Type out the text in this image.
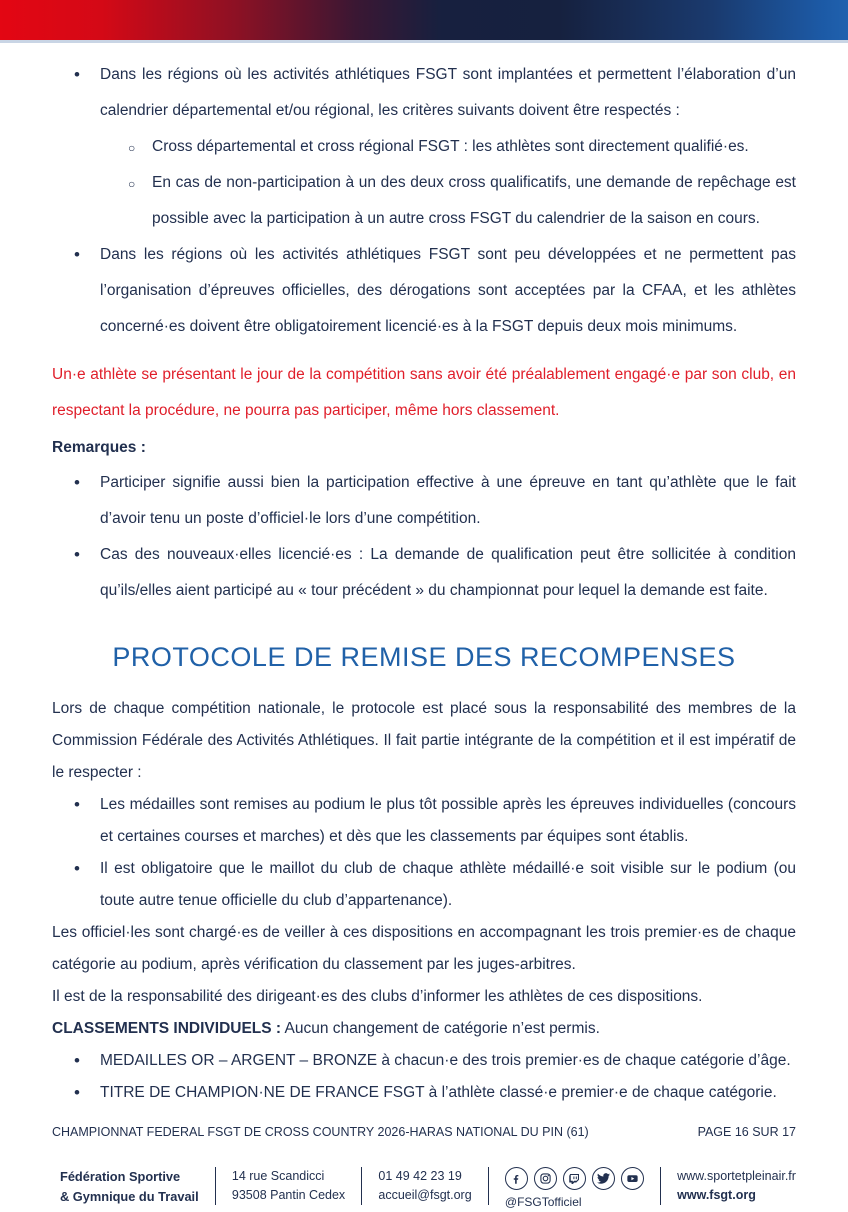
• Dans les régions où les activités athlétiques FSGT sont implantées et permettent l’élaboration d’un calendrier départemental et/ou régional, les critères suivants doivent être respectés :
○ Cross départemental et cross régional FSGT : les athlètes sont directement qualifié·es.
○ En cas de non-participation à un des deux cross qualificatifs, une demande de repêchage est possible avec la participation à un autre cross FSGT du calendrier de la saison en cours.
• Dans les régions où les activités athlétiques FSGT sont peu développées et ne permettent pas l’organisation d’épreuves officielles, des dérogations sont acceptées par la CFAA, et les athlètes concerné·es doivent être obligatoirement licencié·es à la FSGT depuis deux mois minimums.

Un·e athlète se présentant le jour de la compétition sans avoir été préalablement engagé·e par son club, en respectant la procédure, ne pourra pas participer, même hors classement.

Remarques :

• Participer signifie aussi bien la participation effective à une épreuve en tant qu’athlète que le fait d’avoir tenu un poste d’officiel·le lors d’une compétition.
• Cas des nouveaux·elles licencié·es : La demande de qualification peut être sollicitée à condition qu’ils/elles aient participé au « tour précédent » du championnat pour lequel la demande est faite.
PROTOCOLE DE REMISE DES RECOMPENSES

Lors de chaque compétition nationale, le protocole est placé sous la responsabilité des membres de la Commission Fédérale des Activités Athlétiques. Il fait partie intégrante de la compétition et il est impératif de le respecter :

• Les médailles sont remises au podium le plus tôt possible après les épreuves individuelles (concours et certaines courses et marches) et dès que les classements par équipes sont établis.
• Il est obligatoire que le maillot du club de chaque athlète médaillé·e soit visible sur le podium (ou toute autre tenue officielle du club d’appartenance).

Les officiel·les sont chargé·es de veiller à ces dispositions en accompagnant les trois premier·es de chaque catégorie au podium, après vérification du classement par les juges-arbitres.

Il est de la responsabilité des dirigeant·es des clubs d’informer les athlètes de ces dispositions.

CLASSEMENTS INDIVIDUELS : Aucun changement de catégorie n’est permis.

• MEDAILLES OR – ARGENT – BRONZE à chacun·e des trois premier·es de chaque catégorie d’âge.
• TITRE DE CHAMPION·NE DE FRANCE FSGT à l’athlète classé·e premier·e de chaque catégorie.
CHAMPIONNAT FEDERAL FSGT DE CROSS COUNTRY 2026-HARAS NATIONAL DU PIN (61)	PAGE 16 SUR 17
Fédération Sportive
& Gymnique du Travail
14 rue Scandicci
93508 Pantin Cedex
01 49 42 23 19
accueil@fsgt.org	@FSGTofficiel
www.sportetpleinair.fr
www.fsgt.org
